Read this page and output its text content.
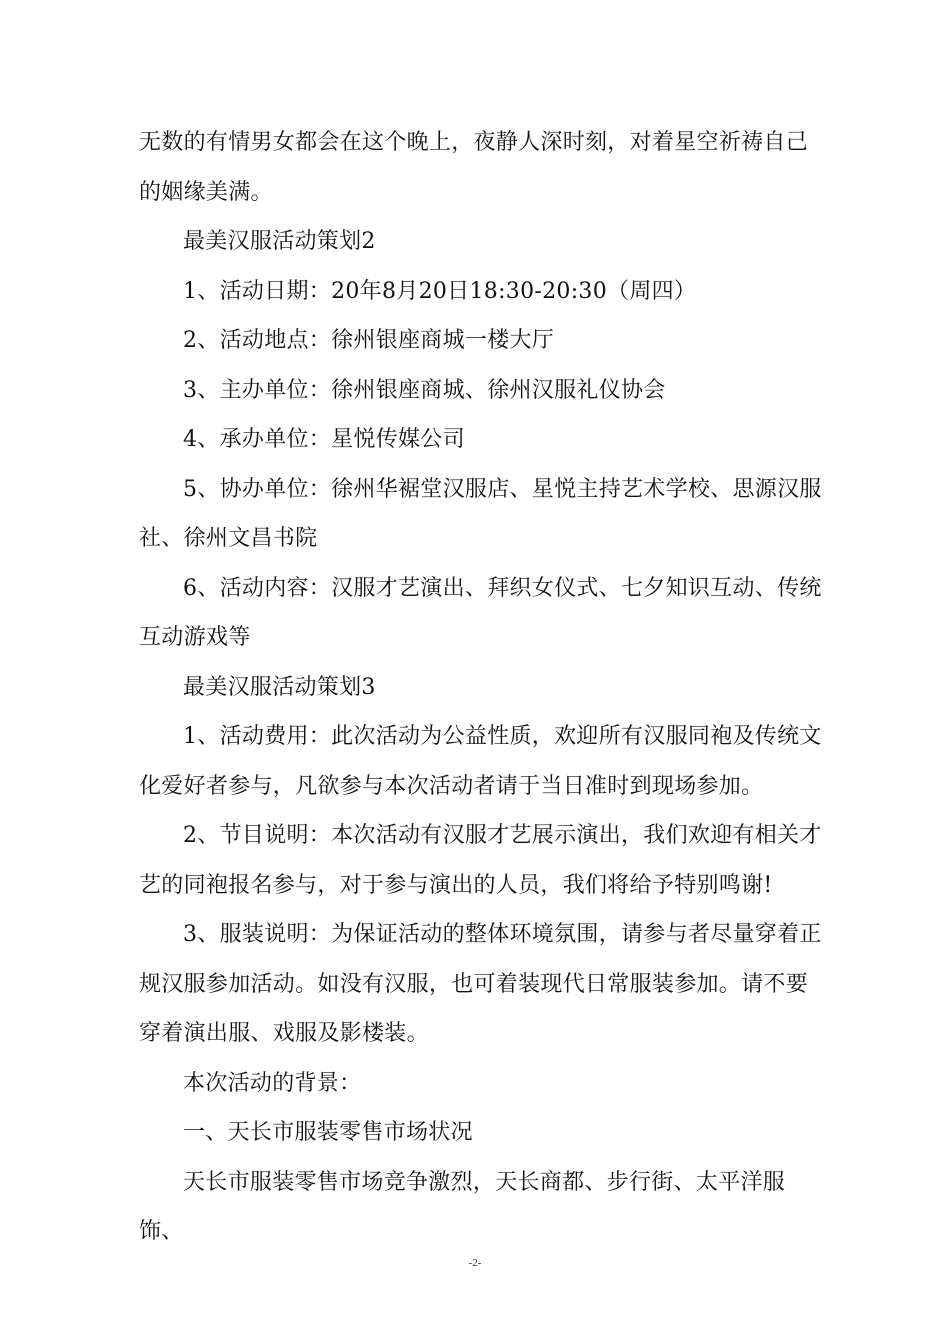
无数的有情男女都会在这个晚上，夜静人深时刻，对着星空祈祷自己的姻缘美满。

最美汉服活动策划2

1、活动日期：20年8月20日18:30-20:30（周四）

2、活动地点：徐州银座商城一楼大厅

3、主办单位：徐州银座商城、徐州汉服礼仪协会

4、承办单位：星悦传媒公司

5、协办单位：徐州华裾堂汉服店、星悦主持艺术学校、思源汉服社、徐州文昌书院

6、活动内容：汉服才艺演出、拜织女仪式、七夕知识互动、传统互动游戏等

最美汉服活动策划3

1、活动费用：此次活动为公益性质，欢迎所有汉服同袍及传统文化爱好者参与，凡欲参与本次活动者请于当日准时到现场参加。

2、节目说明：本次活动有汉服才艺展示演出，我们欢迎有相关才艺的同袍报名参与，对于参与演出的人员，我们将给予特别鸣谢!

3、服装说明：为保证活动的整体环境氛围，请参与者尽量穿着正规汉服参加活动。如没有汉服，也可着装现代日常服装参加。请不要穿着演出服、戏服及影楼装。

本次活动的背景：

一、天长市服装零售市场状况

天长市服装零售市场竞争激烈，天长商都、步行街、太平洋服饰、

-2-
